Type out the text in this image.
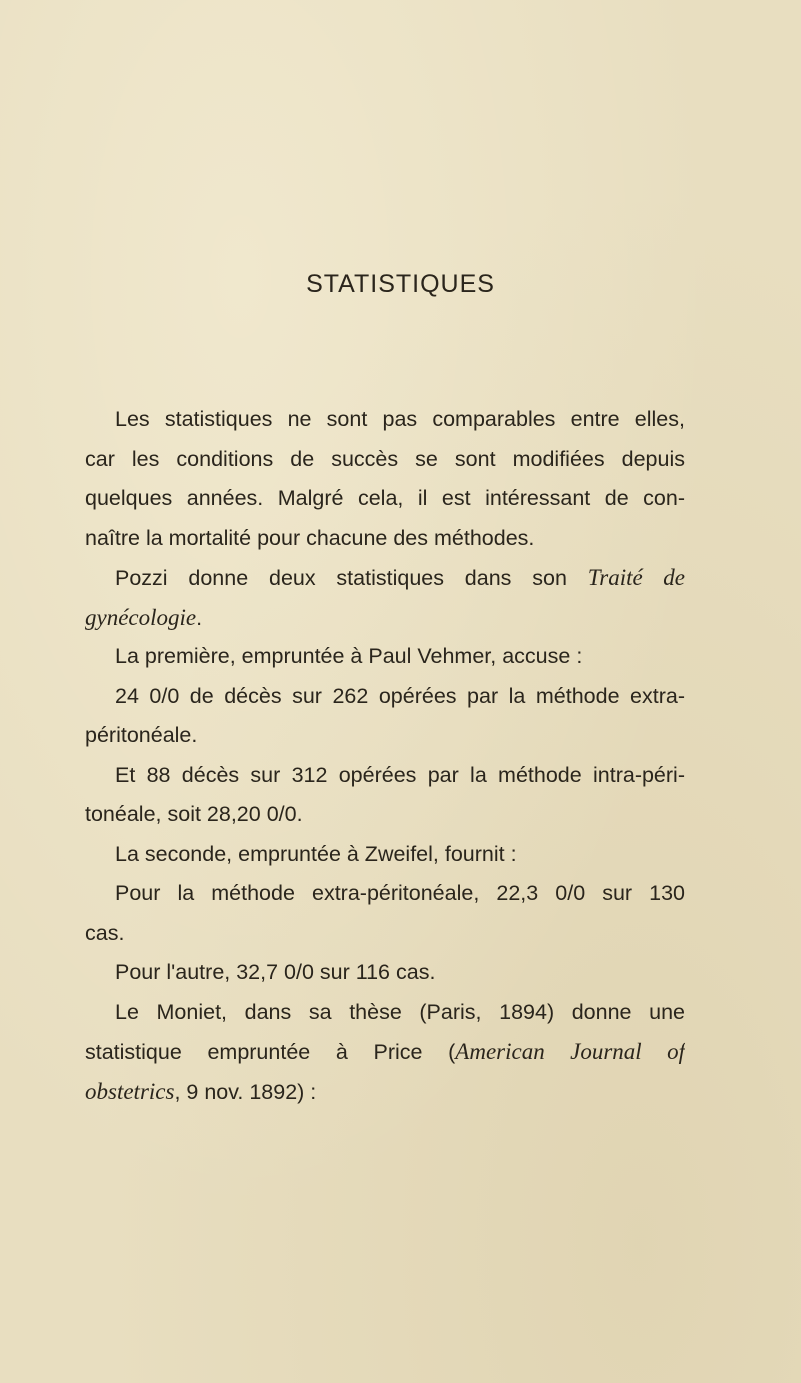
STATISTIQUES
Les statistiques ne sont pas comparables entre elles,
car les conditions de succès se sont modifiées depuis
quelques années. Malgré cela, il est intéressant de con-
naître la mortalité pour chacune des méthodes.
Pozzi donne deux statistiques dans son Traité de
gynécologie.
La première, empruntée à Paul Vehmer, accuse :
24 0/0 de décès sur 262 opérées par la méthode extra-
péritonéale.
Et 88 décès sur 312 opérées par la méthode intra-péri-
tonéale, soit 28,20 0/0.
La seconde, empruntée à Zweifel, fournit :
Pour la méthode extra-péritonéale, 22,3 0/0 sur 130
cas.
Pour l'autre, 32,7 0/0 sur 116 cas.
Le Moniet, dans sa thèse (Paris, 1894) donne une
statistique empruntée à Price (American Journal of
obstetrics, 9 nov. 1892) :
